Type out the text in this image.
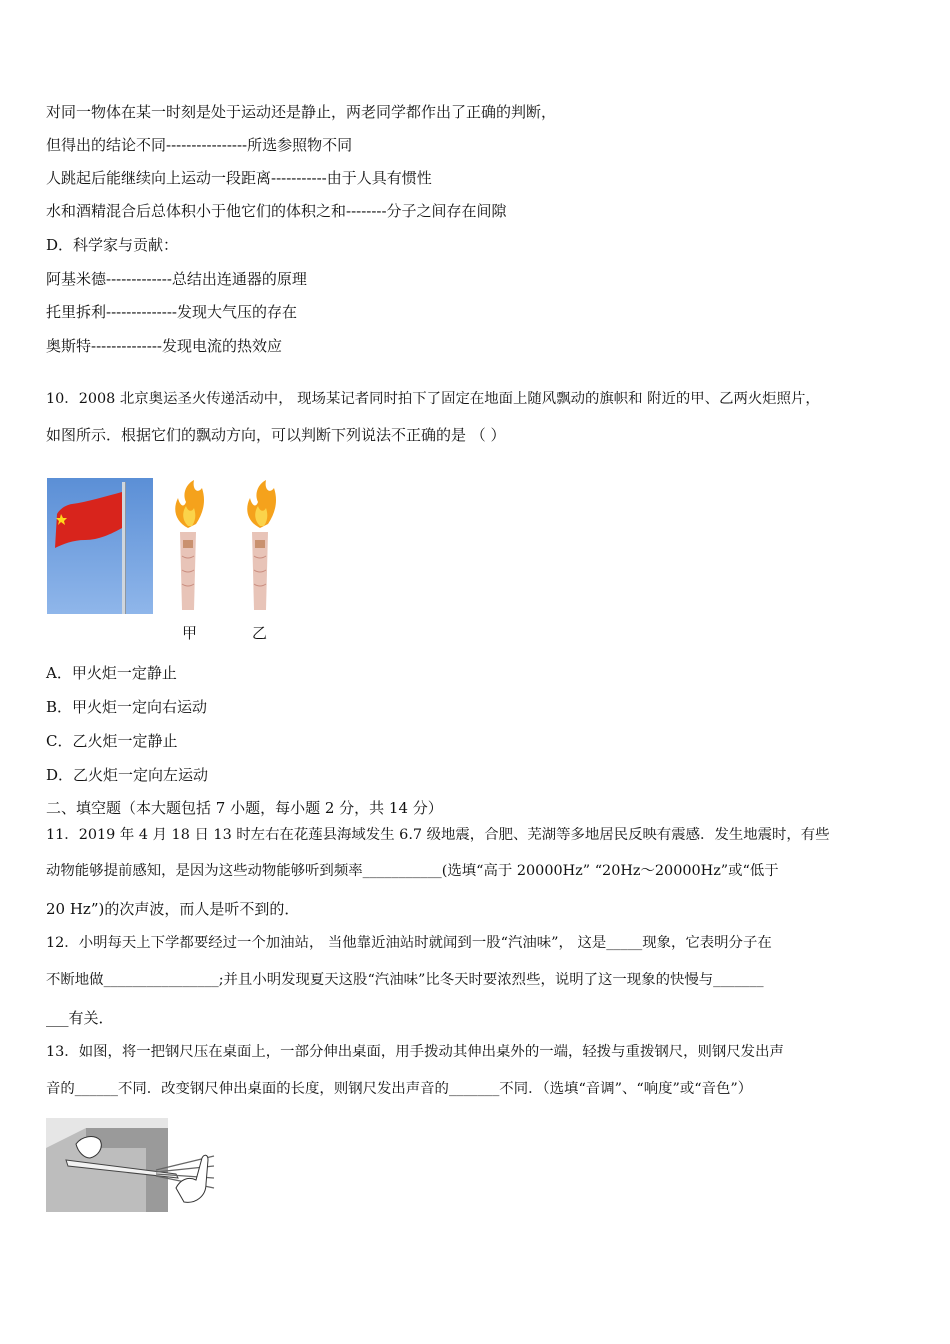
对同一物体在某一时刻是处于运动还是静止，两老同学都作出了正确的判断，
但得出的结论不同----------------所选参照物不同
人跳起后能继续向上运动一段距离-----------由于人具有惯性
水和酒精混合后总体积小于他它们的体积之和--------分子之间存在间隙
D．科学家与贡献：
阿基米德-------------总结出连通器的原理
托里拆利--------------发现大气压的存在
奥斯特--------------发现电流的热效应
10．2008 北京奥运圣火传递活动中， 现场某记者同时拍下了固定在地面上随风飘动的旗帜和 附近的甲、乙两火炬照片，
如图所示．根据它们的飘动方向，可以判断下列说法不正确的是 （ ）
甲	乙
A．甲火炬一定静止
B．甲火炬一定向右运动
C．乙火炬一定静止
D．乙火炬一定向左运动
二、填空题（本大题包括 7 小题，每小题 2 分，共 14 分）
11．2019 年 4 月 18 日 13 时左右在花莲县海域发生 6.7 级地震，合肥、芜湖等多地居民反映有震感．发生地震时，有些
动物能够提前感知，是因为这些动物能够听到频率___________(选填“高于 20000Hz” “20Hz～20000Hz”或“低于
20 Hz”)的次声波，而人是听不到的．
12．小明每天上下学都要经过一个加油站， 当他靠近油站时就闻到一股“汽油味”， 这是_____现象，它表明分子在
不断地做________________;并且小明发现夏天这股“汽油味”比冬天时要浓烈些，说明了这一现象的快慢与_______
___有关．
13．如图，将一把钢尺压在桌面上，一部分伸出桌面，用手拨动其伸出桌外的一端，轻拨与重拨钢尺，则钢尺发出声
音的______不同．改变钢尺伸出桌面的长度，则钢尺发出声音的_______不同．（选填“音调”、“响度”或“音色”）
